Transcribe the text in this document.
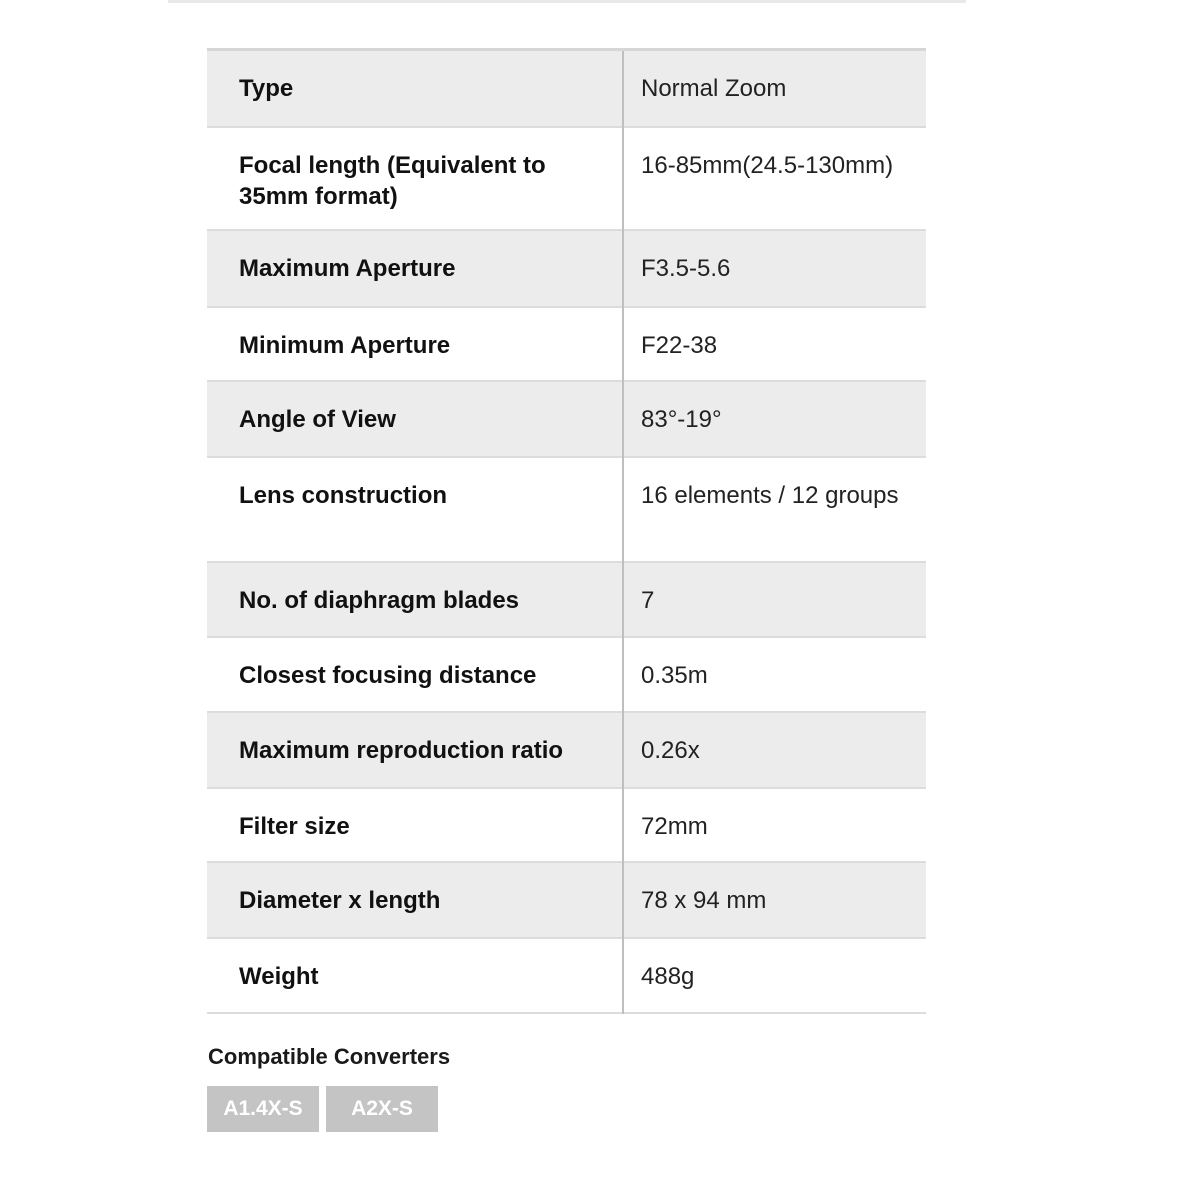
Type	Normal Zoom
Focal length (Equivalent to 35mm format)	16-85mm(24.5-130mm)
Maximum Aperture	F3.5-5.6
Minimum Aperture	F22-38
Angle of View	83°-19°
Lens construction	16 elements / 12 groups
No. of diaphragm blades	7
Closest focusing distance	0.35m
Maximum reproduction ratio	0.26x
Filter size	72mm
Diameter x length	78 x 94 mm
Weight	488g
Compatible Converters
A1.4X-S	A2X-S
